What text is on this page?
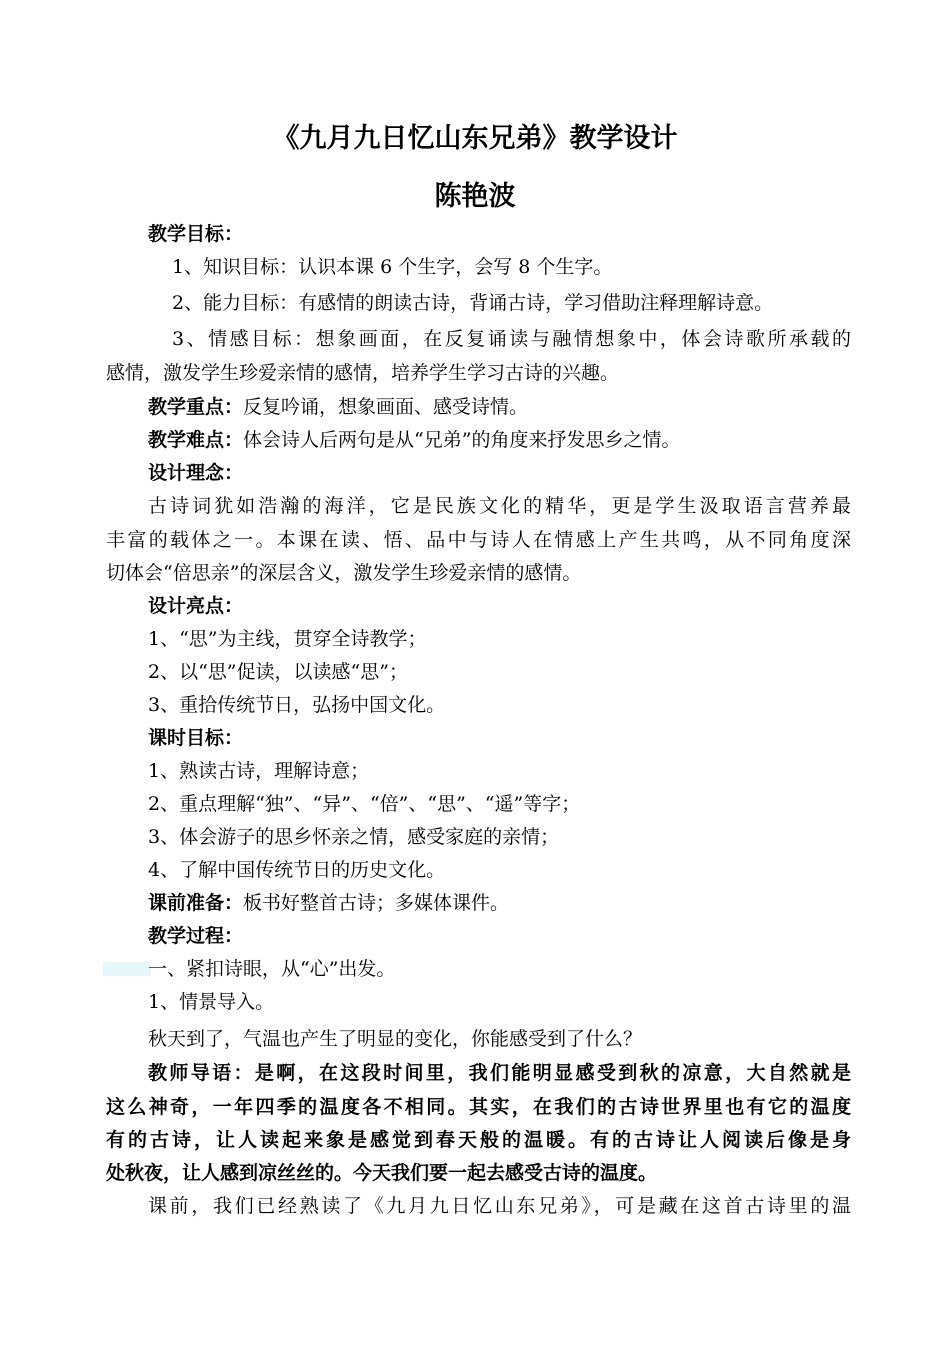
《九月九日忆山东兄弟》教学设计
陈艳波
教学目标：
1、知识目标：认识本课 6 个生字，会写 8 个生字。
2、能力目标：有感情的朗读古诗，背诵古诗，学习借助注释理解诗意。
3、情感目标：想象画面，在反复诵读与融情想象中，体会诗歌所承载的
感情，激发学生珍爱亲情的感情，培养学生学习古诗的兴趣。
教学重点：反复吟诵，想象画面、感受诗情。
教学难点：体会诗人后两句是从“兄弟”的角度来抒发思乡之情。
设计理念：
古诗词犹如浩瀚的海洋，它是民族文化的精华，更是学生汲取语言营养最
丰富的载体之一。本课在读、悟、品中与诗人在情感上产生共鸣，从不同角度深
切体会“倍思亲”的深层含义，激发学生珍爱亲情的感情。
设计亮点：
1、“思”为主线，贯穿全诗教学；
2、以“思”促读，以读感“思”；
3、重拾传统节日，弘扬中国文化。
课时目标：
1、熟读古诗，理解诗意；
2、重点理解“独”、“异”、“倍”、“思”、“遥”等字；
3、体会游子的思乡怀亲之情，感受家庭的亲情；
4、了解中国传统节日的历史文化。
课前准备：板书好整首古诗；多媒体课件。
教学过程：
一、紧扣诗眼，从“心”出发。
1、情景导入。
秋天到了，气温也产生了明显的变化，你能感受到了什么？
教师导语：是啊，在这段时间里，我们能明显感受到秋的凉意，大自然就是
这么神奇，一年四季的温度各不相同。其实，在我们的古诗世界里也有它的温度
有的古诗，让人读起来象是感觉到春天般的温暖。有的古诗让人阅读后像是身
处秋夜，让人感到凉丝丝的。今天我们要一起去感受古诗的温度。
课前，我们已经熟读了《九月九日忆山东兄弟》，可是藏在这首古诗里的温
